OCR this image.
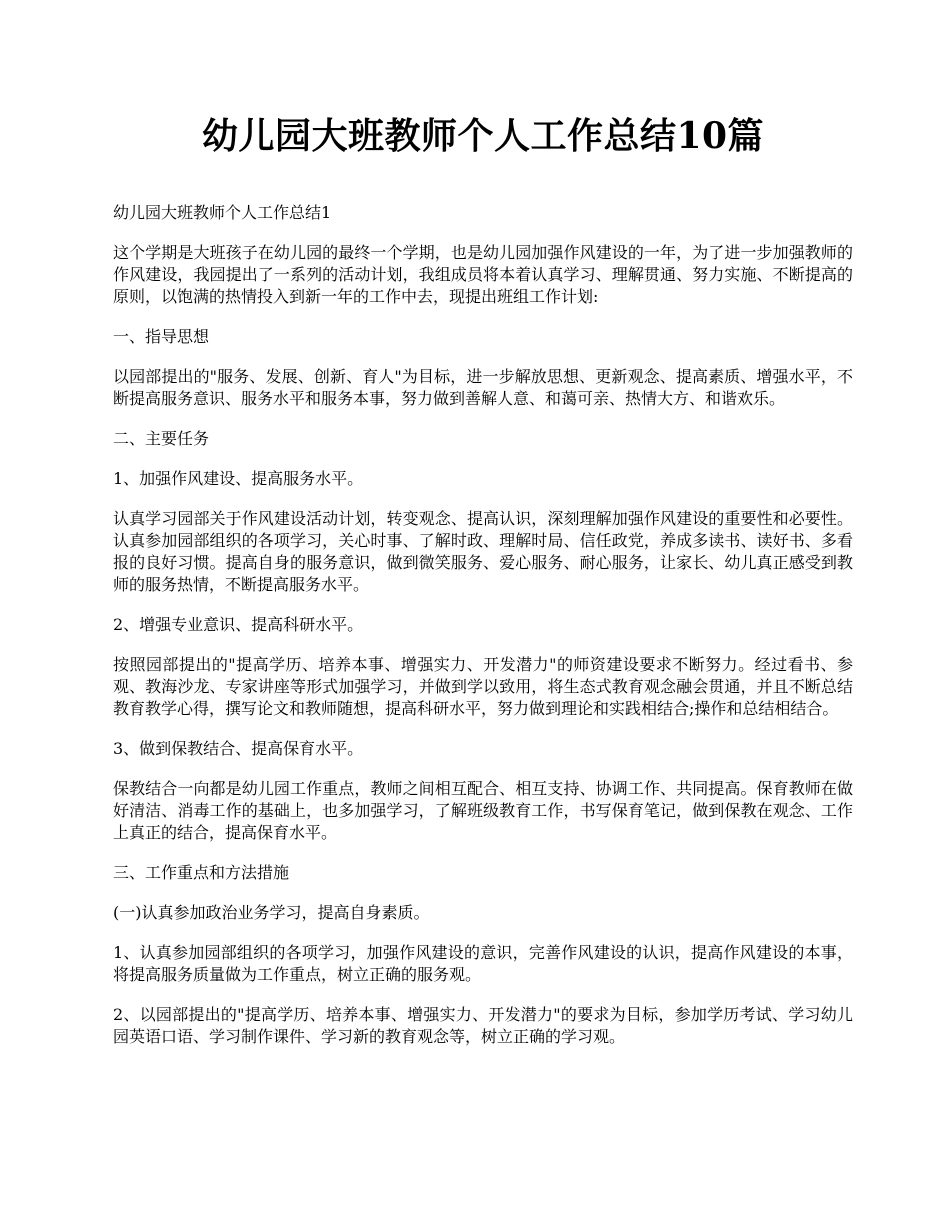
幼儿园大班教师个人工作总结10篇

幼儿园大班教师个人工作总结1

这个学期是大班孩子在幼儿园的最终一个学期，也是幼儿园加强作风建设的一年，为了进一步加强教师的作风建设，我园提出了一系列的活动计划，我组成员将本着认真学习、理解贯通、努力实施、不断提高的原则，以饱满的热情投入到新一年的工作中去，现提出班组工作计划:

一、指导思想

以园部提出的"服务、发展、创新、育人"为目标，进一步解放思想、更新观念、提高素质、增强水平，不断提高服务意识、服务水平和服务本事，努力做到善解人意、和蔼可亲、热情大方、和谐欢乐。

二、主要任务

1、加强作风建设、提高服务水平。

认真学习园部关于作风建设活动计划，转变观念、提高认识，深刻理解加强作风建设的重要性和必要性。认真参加园部组织的各项学习，关心时事、了解时政、理解时局、信任政党，养成多读书、读好书、多看报的良好习惯。提高自身的服务意识，做到微笑服务、爱心服务、耐心服务，让家长、幼儿真正感受到教师的服务热情，不断提高服务水平。

2、增强专业意识、提高科研水平。

按照园部提出的"提高学历、培养本事、增强实力、开发潜力"的师资建设要求不断努力。经过看书、参观、教海沙龙、专家讲座等形式加强学习，并做到学以致用，将生态式教育观念融会贯通，并且不断总结教育教学心得，撰写论文和教师随想，提高科研水平，努力做到理论和实践相结合;操作和总结相结合。

3、做到保教结合、提高保育水平。

保教结合一向都是幼儿园工作重点，教师之间相互配合、相互支持、协调工作、共同提高。保育教师在做好清洁、消毒工作的基础上，也多加强学习，了解班级教育工作，书写保育笔记，做到保教在观念、工作上真正的结合，提高保育水平。

三、工作重点和方法措施

(一)认真参加政治业务学习，提高自身素质。

1、认真参加园部组织的各项学习，加强作风建设的意识，完善作风建设的认识，提高作风建设的本事，将提高服务质量做为工作重点，树立正确的服务观。

2、以园部提出的"提高学历、培养本事、增强实力、开发潜力"的要求为目标，参加学历考试、学习幼儿园英语口语、学习制作课件、学习新的教育观念等，树立正确的学习观。
